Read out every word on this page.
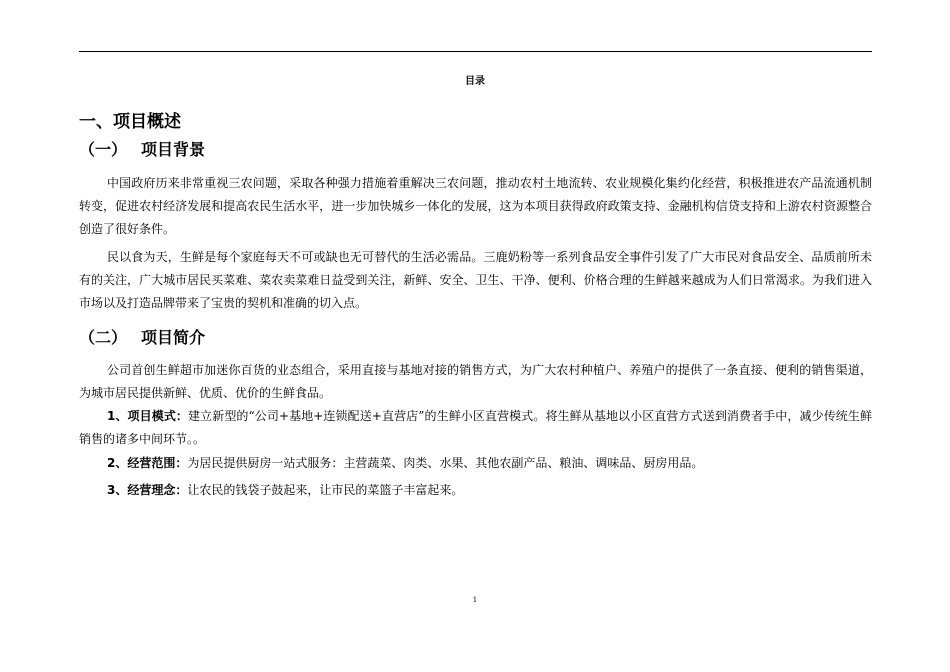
目录
一、项目概述
（一） 项目背景
中国政府历来非常重视三农问题，采取各种强力措施着重解决三农问题，推动农村土地流转、农业规模化集约化经营，积极推进农产品流通机制转变，促进农村经济发展和提高农民生活水平，进一步加快城乡一体化的发展，这为本项目获得政府政策支持、金融机构信贷支持和上游农村资源整合创造了很好条件。
民以食为天，生鲜是每个家庭每天不可或缺也无可替代的生活必需品。三鹿奶粉等一系列食品安全事件引发了广大市民对食品安全、品质前所未有的关注，广大城市居民买菜难、菜农卖菜难日益受到关注，新鲜、安全、卫生、干净、便利、价格合理的生鲜越来越成为人们日常渴求。为我们进入市场以及打造品牌带来了宝贵的契机和准确的切入点。
（二） 项目简介
公司首创生鲜超市加迷你百货的业态组合，采用直接与基地对接的销售方式，为广大农村种植户、养殖户的提供了一条直接、便利的销售渠道，为城市居民提供新鲜、优质、优价的生鲜食品。
1、项目模式：建立新型的“公司+基地+连锁配送+直营店”的生鲜小区直营模式。将生鲜从基地以小区直营方式送到消费者手中，减少传统生鲜销售的诸多中间环节。。
2、经营范围：为居民提供厨房一站式服务：主营蔬菜、肉类、水果、其他农副产品、粮油、调味品、厨房用品。
3、经营理念：让农民的钱袋子鼓起来，让市民的菜篮子丰富起来。
1
